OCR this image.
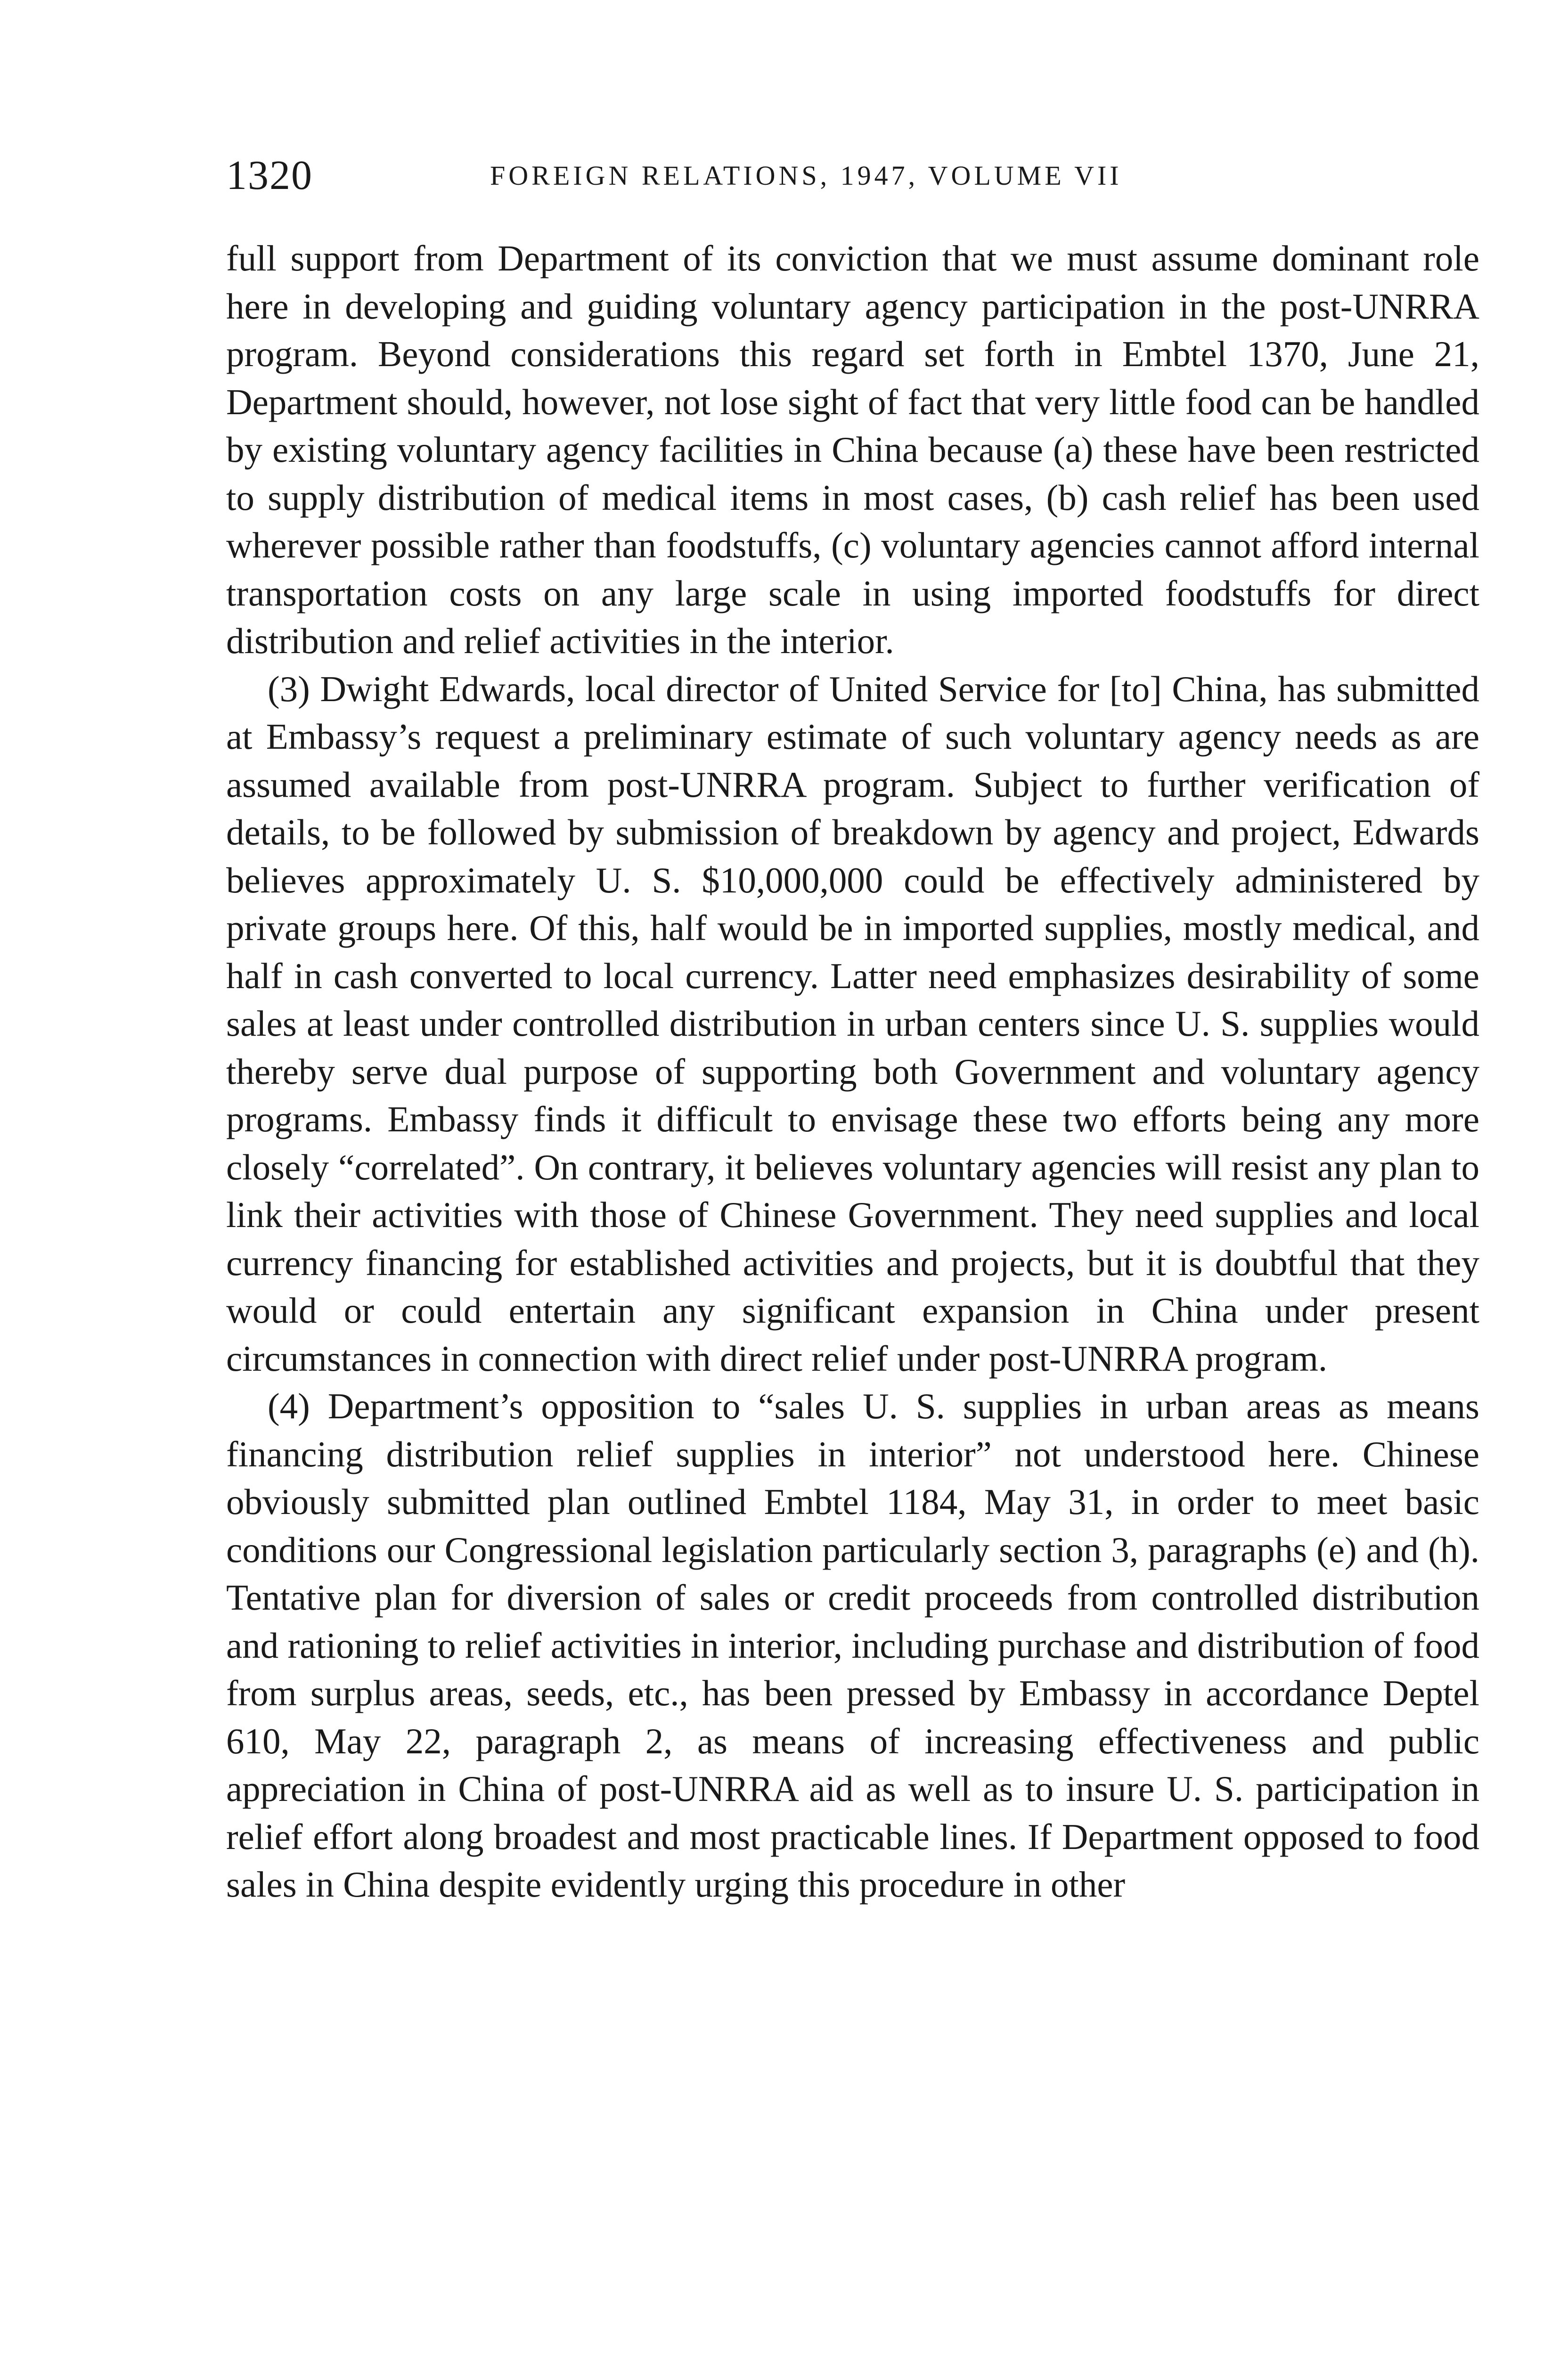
1320	FOREIGN RELATIONS, 1947, VOLUME VII

full support from Department of its conviction that we must assume dominant role here in developing and guiding voluntary agency participation in the post-UNRRA program. Beyond considerations this regard set forth in Embtel 1370, June 21, Department should, however, not lose sight of fact that very little food can be handled by existing voluntary agency facilities in China because (a) these have been restricted to supply distribution of medical items in most cases, (b) cash relief has been used wherever possible rather than foodstuffs, (c) voluntary agencies cannot afford internal transportation costs on any large scale in using imported foodstuffs for direct distribution and relief activities in the interior.

(3) Dwight Edwards, local director of United Service for [to] China, has submitted at Embassy’s request a preliminary estimate of such voluntary agency needs as are assumed available from post-UNRRA program. Subject to further verification of details, to be followed by submission of breakdown by agency and project, Edwards believes approximately U. S. $10,000,000 could be effectively administered by private groups here. Of this, half would be in imported supplies, mostly medical, and half in cash converted to local currency. Latter need emphasizes desirability of some sales at least under controlled distribution in urban centers since U. S. supplies would thereby serve dual purpose of supporting both Government and voluntary agency programs. Embassy finds it difficult to envisage these two efforts being any more closely “correlated”. On contrary, it believes voluntary agencies will resist any plan to link their activities with those of Chinese Government. They need supplies and local currency financing for established activities and projects, but it is doubtful that they would or could entertain any significant expansion in China under present circumstances in connection with direct relief under post-UNRRA program.

(4) Department’s opposition to “sales U. S. supplies in urban areas as means financing distribution relief supplies in interior” not understood here. Chinese obviously submitted plan outlined Embtel 1184, May 31, in order to meet basic conditions our Congressional legislation particularly section 3, paragraphs (e) and (h). Tentative plan for diversion of sales or credit proceeds from controlled distribution and rationing to relief activities in interior, including purchase and distribution of food from surplus areas, seeds, etc., has been pressed by Embassy in accordance Deptel 610, May 22, paragraph 2, as means of increasing effectiveness and public appreciation in China of post-UNRRA aid as well as to insure U. S. participation in relief effort along broadest and most practicable lines. If Department opposed to food sales in China despite evidently urging this procedure in other
